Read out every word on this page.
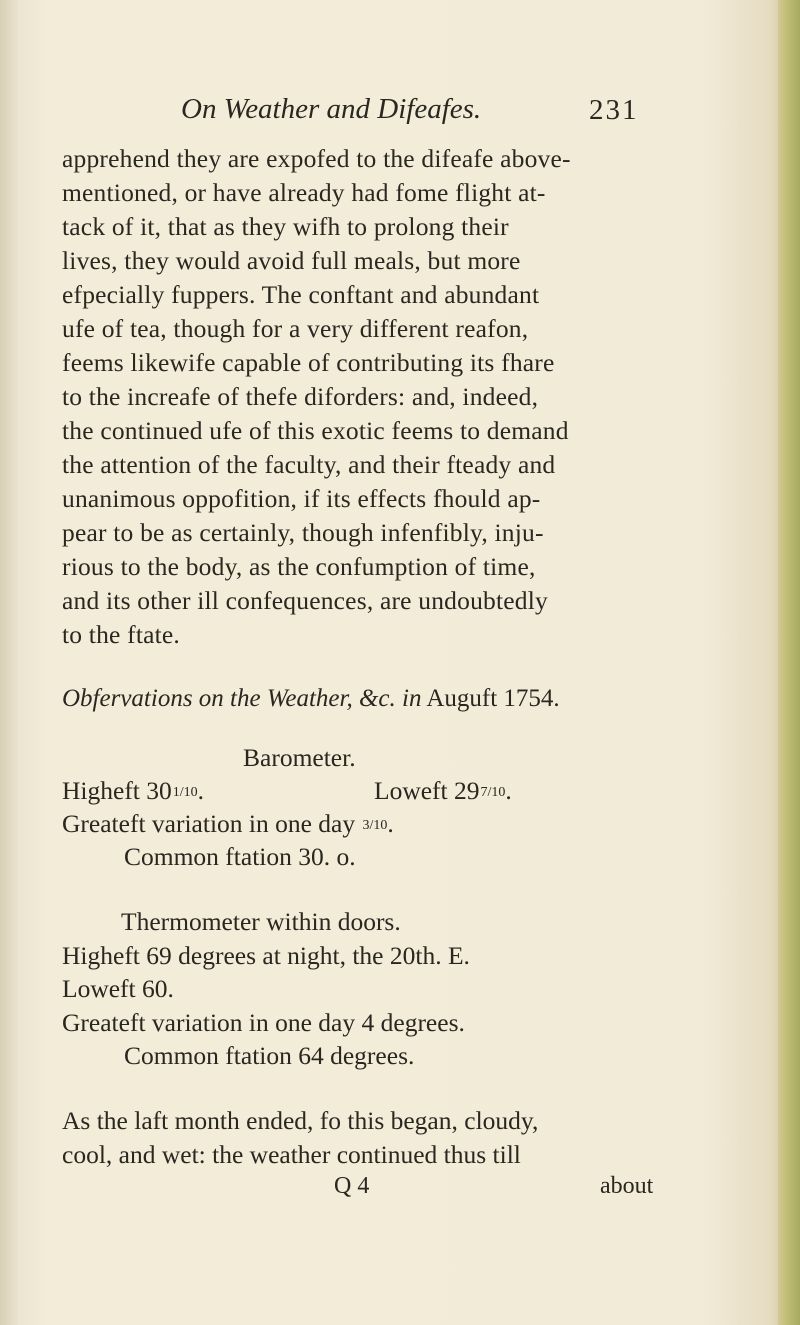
On Weather and Difeafes.	231
apprehend they are expofed to the difeafe above-
mentioned, or have already had fome flight at-
tack of it, that as they wifh to prolong their
lives, they would avoid full meals, but more
efpecially fuppers. The conftant and abundant
ufe of tea, though for a very different reafon,
feems likewife capable of contributing its fhare
to the increafe of thefe diforders: and, indeed,
the continued ufe of this exotic feems to demand
the attention of the faculty, and their fteady and
unanimous oppofition, if its effects fhould ap-
pear to be as certainly, though infenfibly, inju-
rious to the body, as the confumption of time,
and its other ill confequences, are undoubtedly
to the ftate.
Obfervations on the Weather, &c. in Auguft 1754.
Barometer.
Higheft 301/10.	Loweft 297/10.
Greateft variation in one day 3/10.
Common ftation 30. o.
Thermometer within doors.
Higheft 69 degrees at night, the 20th. E.
Loweft 60.
Greateft variation in one day 4 degrees.
Common ftation 64 degrees.
As the laft month ended, fo this began, cloudy,
cool, and wet: the weather continued thus till
Q 4	about
